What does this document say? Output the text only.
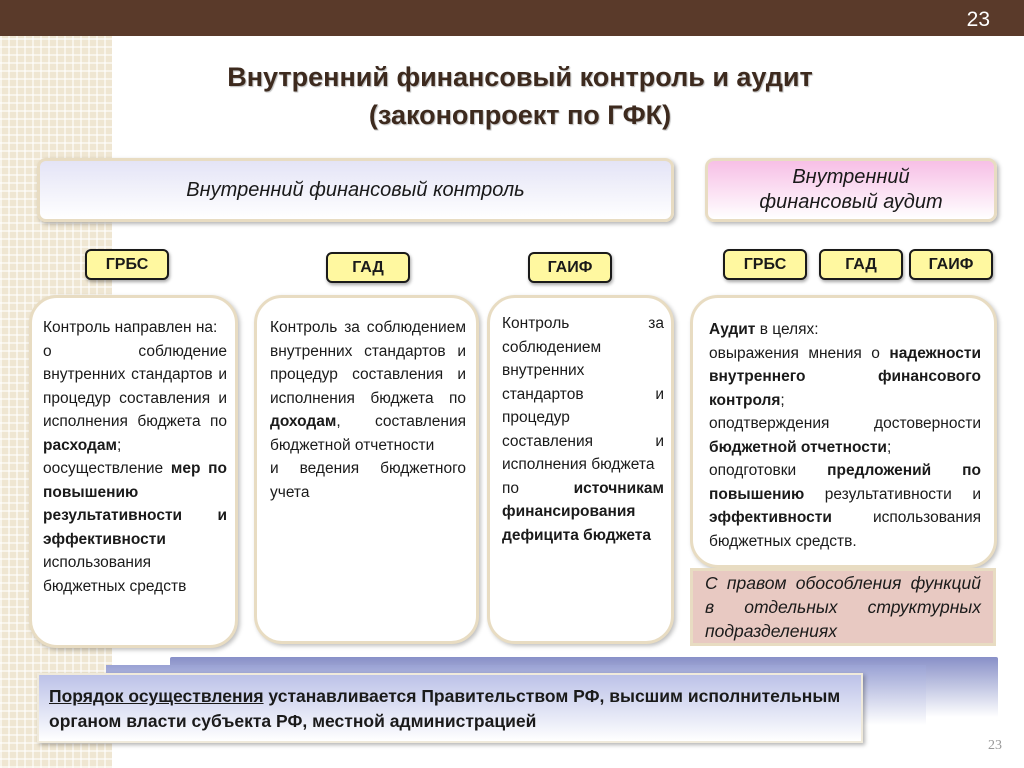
23
Внутренний финансовый контроль и аудит
(законопроект по ГФК)
Внутренний финансовый контроль
Внутренний
финансовый аудит
ГРБС	ГАД	ГАИФ	ГРБС	ГАД	ГАИФ
Контроль направлен на:
o соблюдение внутренних стандартов и процедур составления и исполнения бюджета по расходам;
oосуществление мер по повышению результативности и эффективности использования бюджетных средств
Контроль за соблюдением внутренних стандартов и процедур составления и исполнения бюджета по доходам, составления бюджетной отчетности
и ведения бюджетного учета
Контроль за соблюдением внутренних стандартов и процедур составления и исполнения бюджета
по источникам финансирования дефицита бюджета
Аудит в целях:
oвыражения мнения о надежности внутреннего финансового контроля;
oподтверждения достоверности бюджетной отчетности;
oподготовки предложений по повышению результативности и эффективности использования бюджетных средств.
С правом обособления функций в отдельных структурных подразделениях
Порядок осуществления устанавливается Правительством РФ, высшим исполнительным органом власти субъекта РФ, местной администрацией
23
